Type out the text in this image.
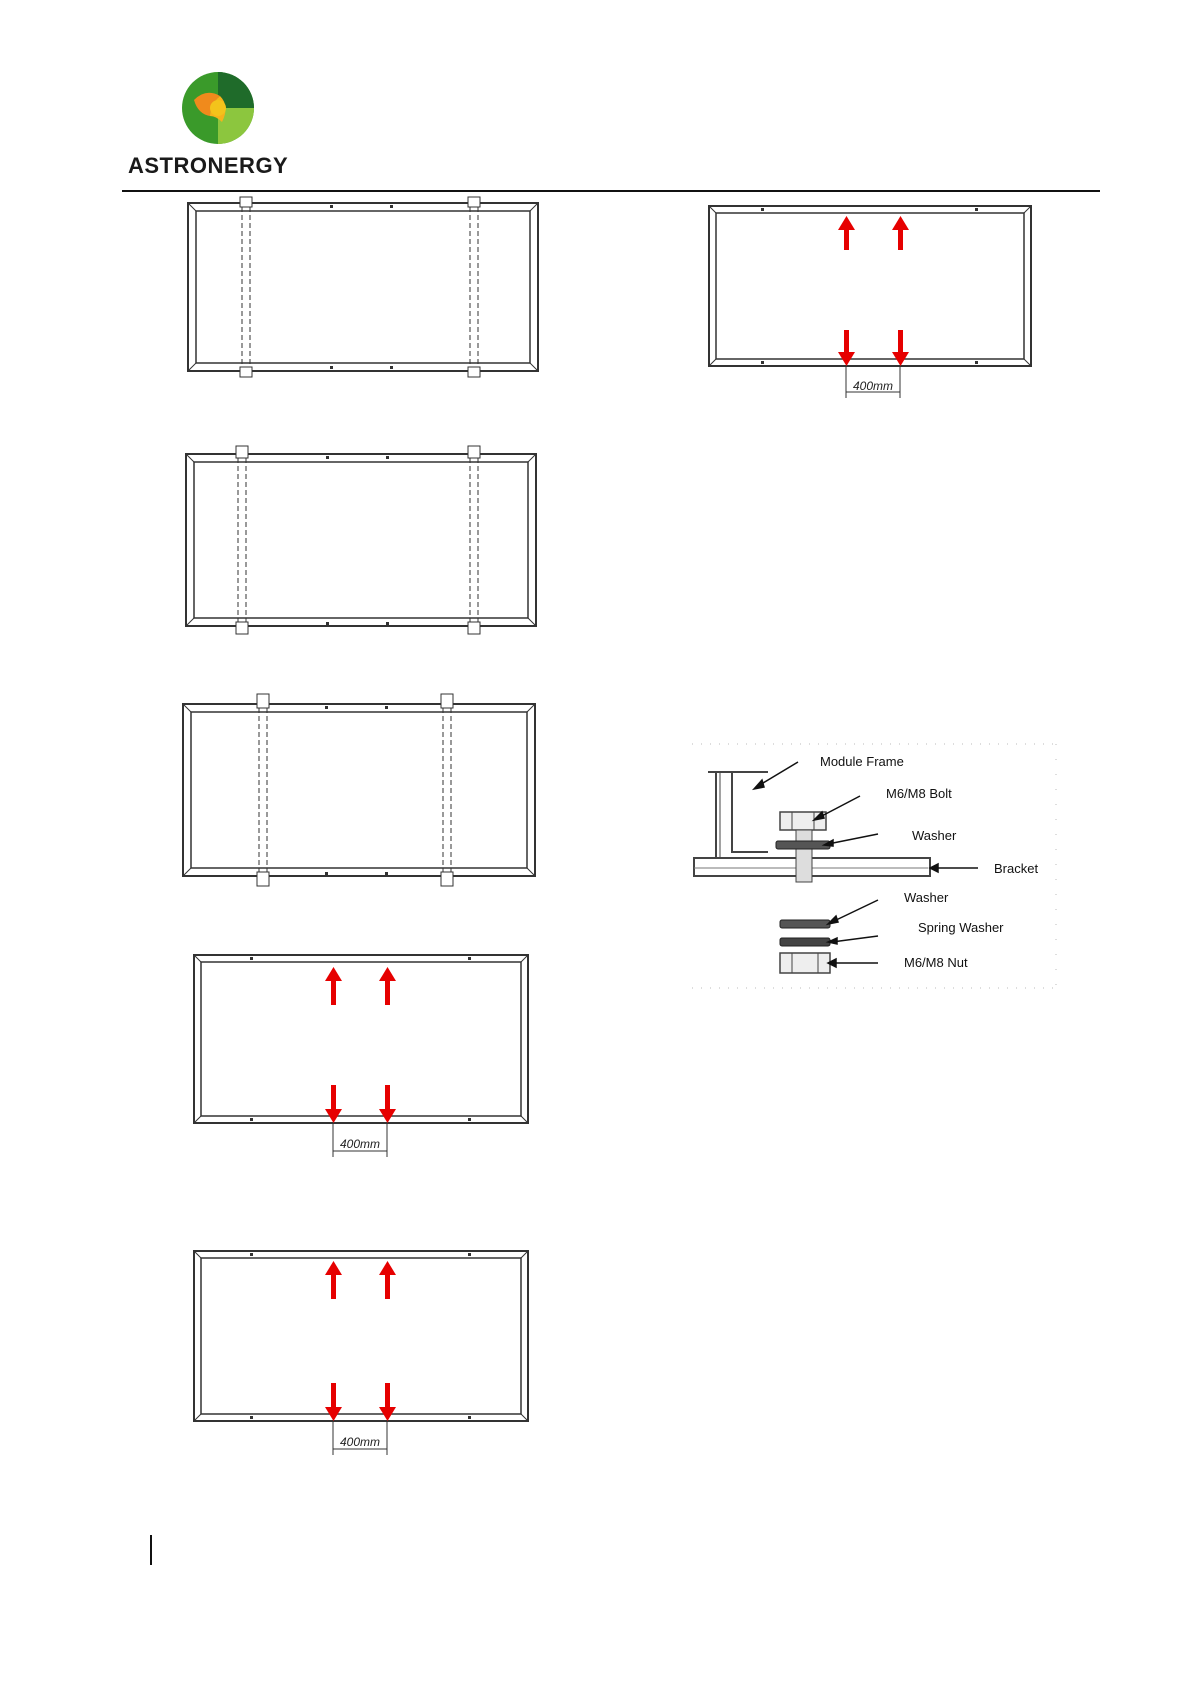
ASTRONERGY
400mm
400mm
400mm
Module Frame
M6/M8 Bolt
Washer
Bracket
Washer
Spring Washer
M6/M8 Nut
